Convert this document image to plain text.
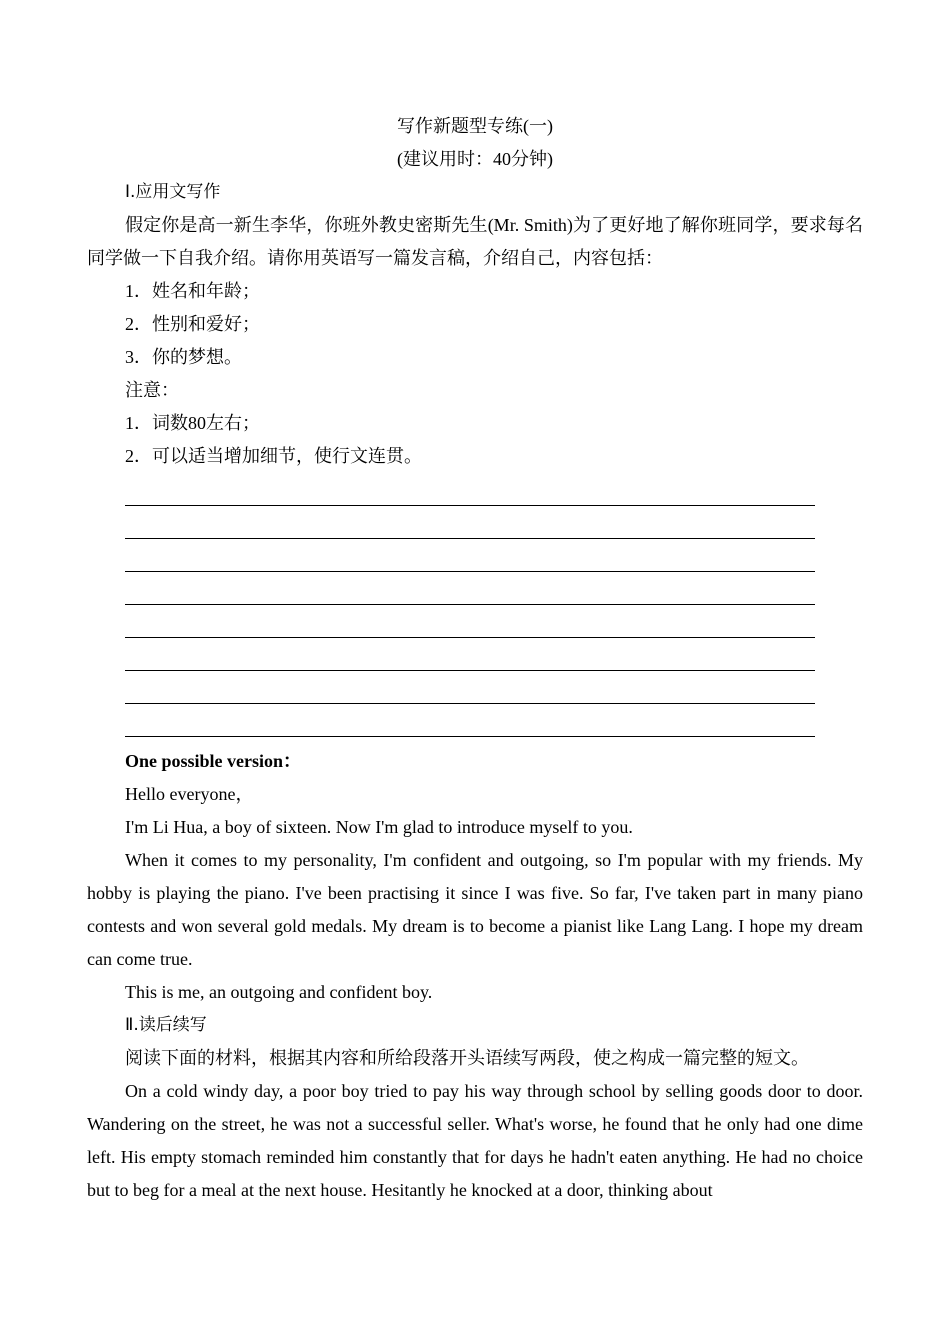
写作新题型专练(一)

(建议用时：40分钟)

Ⅰ.应用文写作

假定你是高一新生李华，你班外教史密斯先生(Mr. Smith)为了更好地了解你班同学，要求每名同学做一下自我介绍。请你用英语写一篇发言稿，介绍自己，内容包括：

1．姓名和年龄；

2．性别和爱好；

3．你的梦想。

注意：

1．词数80左右；

2．可以适当增加细节，使行文连贯。

One possible version：

Hello everyone，

I'm Li Hua, a boy of sixteen. Now I'm glad to introduce myself to you.

When it comes to my personality, I'm confident and outgoing, so I'm popular with my friends. My hobby is playing the piano. I've been practising it since I was five. So far, I've taken part in many piano contests and won several gold medals. My dream is to become a pianist like Lang Lang. I hope my dream can come true.

This is me, an outgoing and confident boy.

Ⅱ.读后续写

阅读下面的材料，根据其内容和所给段落开头语续写两段，使之构成一篇完整的短文。

On a cold windy day, a poor boy tried to pay his way through school by selling goods door to door. Wandering on the street, he was not a successful seller. What's worse, he found that he only had one dime left. His empty stomach reminded him constantly that for days he hadn't eaten anything. He had no choice but to beg for a meal at the next house. Hesitantly he knocked at a door, thinking about
